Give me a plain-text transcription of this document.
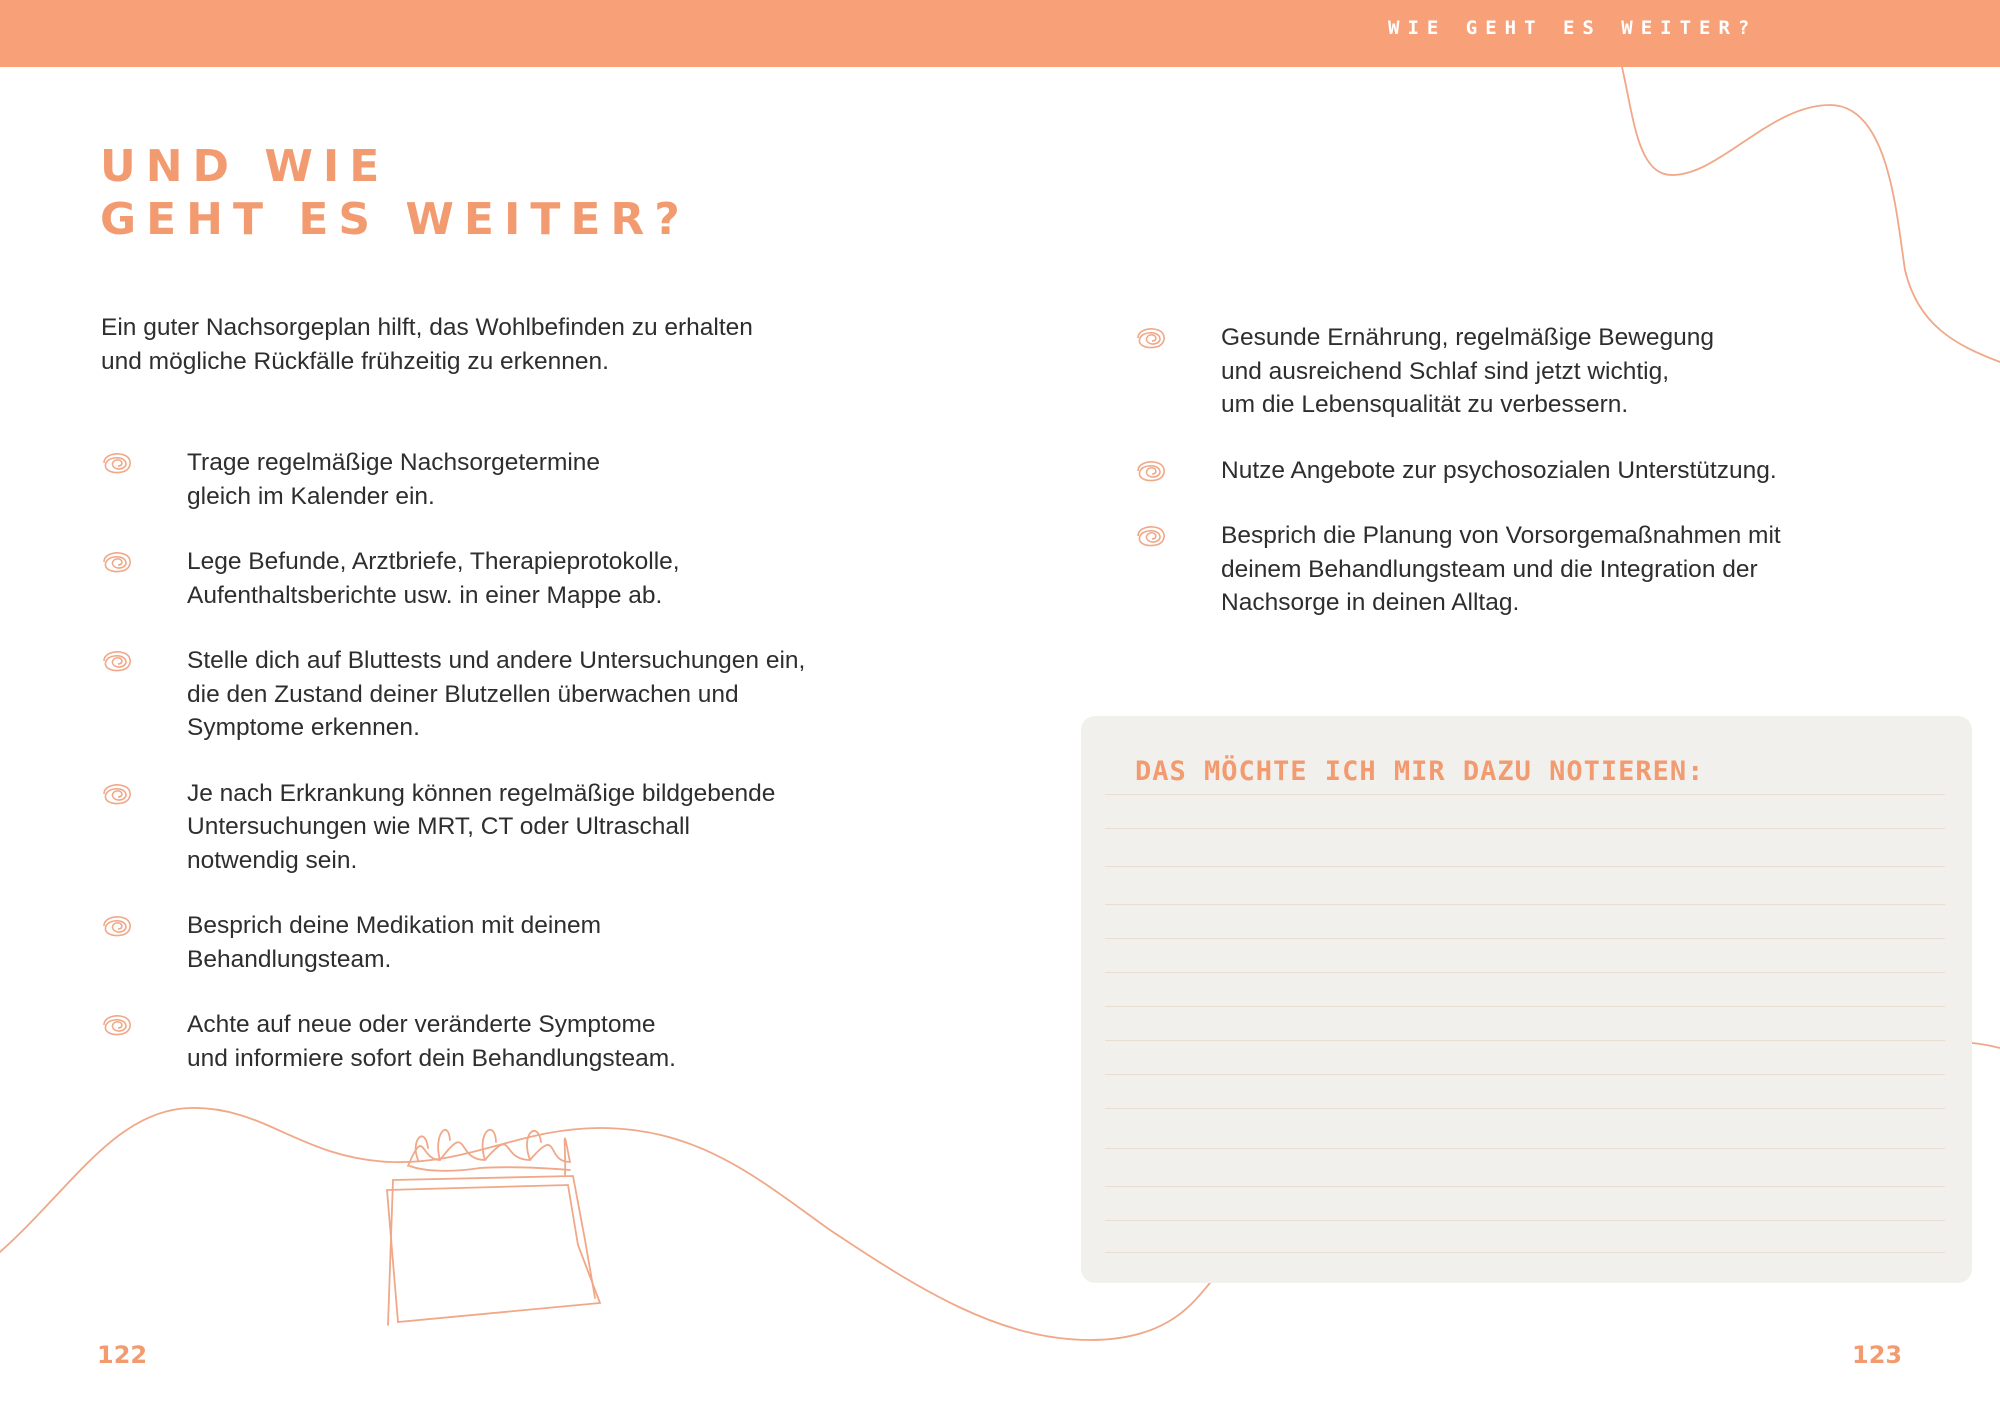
WIE GEHT ES WEITER?
UND WIE
GEHT ES WEITER?

Ein guter Nachsorgeplan hilft, das Wohlbefinden zu erhalten
und mögliche Rückfälle frühzeitig zu erkennen.

Trage regelmäßige Nachsorgetermine
gleich im Kalender ein.
Lege Befunde, Arztbriefe, Therapieprotokolle,
Aufenthaltsberichte usw. in einer Mappe ab.
Stelle dich auf Bluttests und andere Untersuchungen ein,
die den Zustand deiner Blutzellen überwachen und
Symptome erkennen.
Je nach Erkrankung können regelmäßige bildgebende
Untersuchungen wie MRT, CT oder Ultraschall
notwendig sein.
Besprich deine Medikation mit deinem
Behandlungsteam.
Achte auf neue oder veränderte Symptome
und informiere sofort dein Behandlungsteam.
Gesunde Ernährung, regelmäßige Bewegung
und ausreichend Schlaf sind jetzt wichtig,
um die Lebensqualität zu verbessern.
Nutze Angebote zur psychosozialen Unterstützung.
Besprich die Planung von Vorsorgemaßnahmen mit
deinem Behandlungsteam und die Integration der
Nachsorge in deinen Alltag.
DAS MÖCHTE ICH MIR DAZU NOTIEREN:
122	123
